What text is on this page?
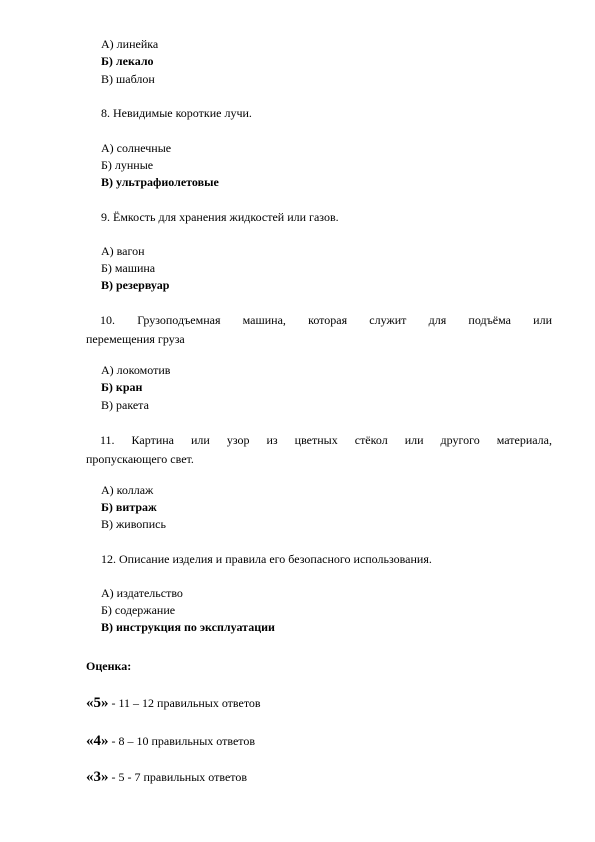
А) линейка
Б) лекало
В) шаблон
8. Невидимые короткие лучи.
А) солнечные
Б) лунные
В) ультрафиолетовые
9. Ёмкость для хранения жидкостей или газов.
А) вагон
Б) машина
В) резервуар
10. Грузоподъемная машина, которая служит для подъёма или
перемещения груза
А) локомотив
Б) кран
В) ракета
11. Картина или узор из цветных стёкол или другого материала,
пропускающего свет.
А) коллаж
Б) витраж
В) живопись
12. Описание изделия и правила его безопасного использования.
А) издательство
Б) содержание
В) инструкция по эксплуатации
Оценка:
«5» - 11 – 12 правильных ответов
«4» - 8 – 10 правильных ответов
«3» - 5 - 7 правильных ответов
